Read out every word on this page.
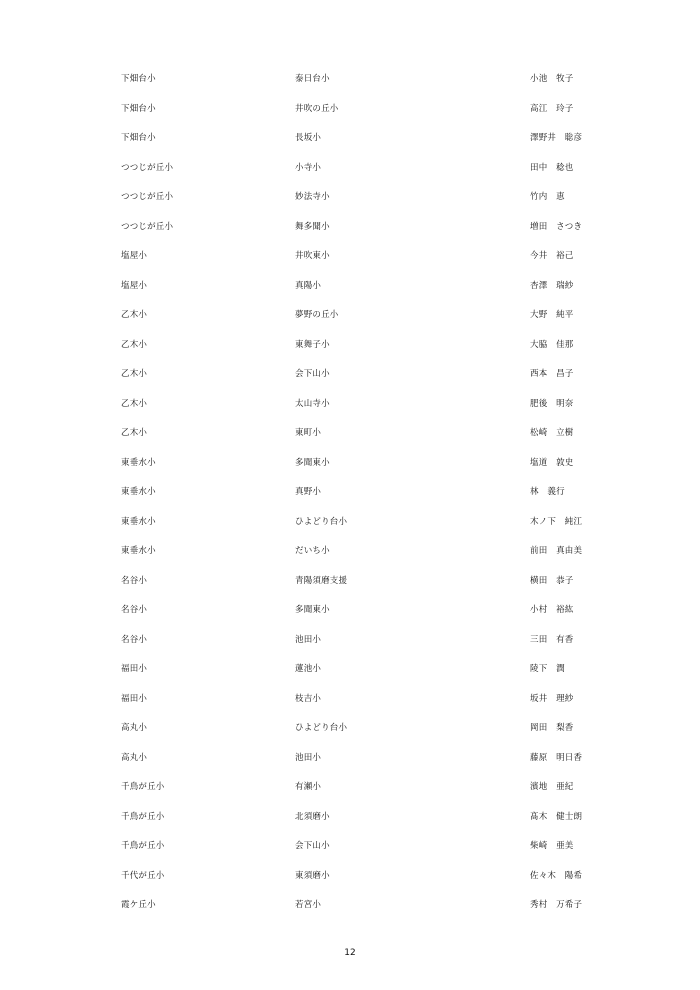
下畑台小	泰日台小	小池　牧子
下畑台小	井吹の丘小	高江　玲子
下畑台小	長坂小	澤野井　聡彦
つつじが丘小	小寺小	田中　稔也
つつじが丘小	妙法寺小	竹内　恵
つつじが丘小	舞多聞小	増田　さつき
塩屋小	井吹東小	今井　裕己
塩屋小	真陽小	杏澤　瑞紗
乙木小	夢野の丘小	大野　純平
乙木小	東舞子小	大脇　佳那
乙木小	会下山小	西本　昌子
乙木小	太山寺小	肥後　明奈
乙木小	東町小	松崎　立樹
東垂水小	多聞東小	塩道　敦史
東垂水小	真野小	林　義行
東垂水小	ひよどり台小	木ノ下　純江
東垂水小	だいち小	前田　真由美
名谷小	青陽須磨支援	横田　恭子
名谷小	多聞東小	小村　裕紘
名谷小	池田小	三田　有香
福田小	蓮池小	陵下　潤
福田小	枝吉小	坂井　理紗
高丸小	ひよどり台小	岡田　梨香
高丸小	池田小	藤原　明日香
千鳥が丘小	有瀬小	濱地　亜紀
千鳥が丘小	北須磨小	髙木　健士朗
千鳥が丘小	会下山小	柴崎　亜美
千代が丘小	東須磨小	佐々木　陽希
霞ケ丘小	若宮小	秀村　万希子
12
